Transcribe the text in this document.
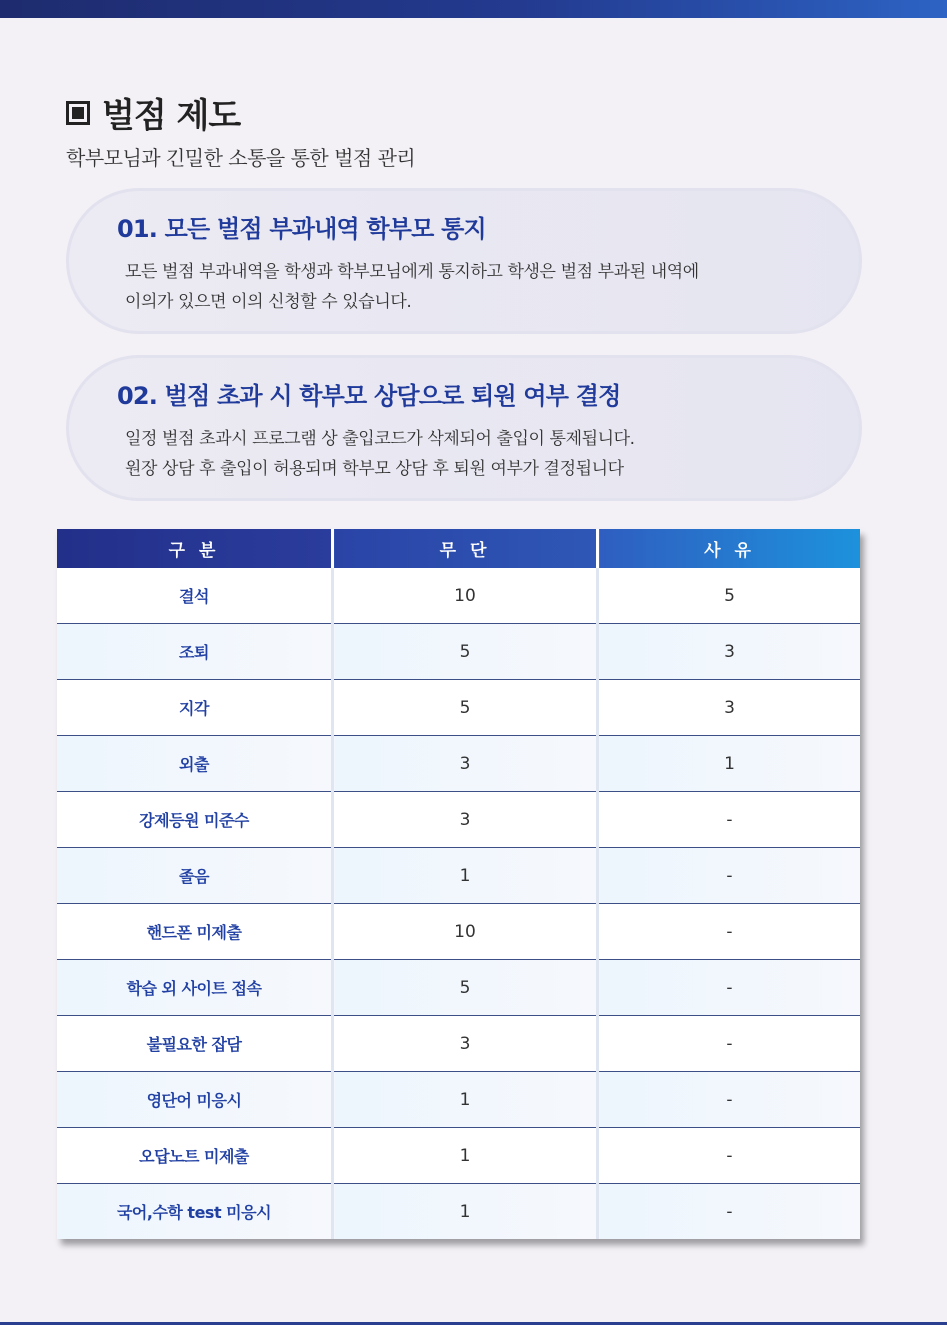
벌점 제도

학부모님과 긴밀한 소통을 통한 벌점 관리

01. 모든 벌점 부과내역 학부모 통지

모든 벌점 부과내역을 학생과 학부모님에게 통지하고 학생은 벌점 부과된 내역에

이의가 있으면 이의 신청할 수 있습니다.

02. 벌점 초과 시 학부모 상담으로 퇴원 여부 결정

일정 벌점 초과시 프로그램 상 출입코드가 삭제되어 출입이 통제됩니다.

원장 상담 후 출입이 허용되며 학부모 상담 후 퇴원 여부가 결정됩니다

구 분	무 단	사 유
결석	10	5
조퇴	5	3
지각	5	3
외출	3	1
강제등원 미준수	3	-
졸음	1	-
핸드폰 미제출	10	-
학습 외 사이트 접속	5	-
불필요한 잡담	3	-
영단어 미응시	1	-
오답노트 미제출	1	-
국어,수학 test 미응시	1	-
